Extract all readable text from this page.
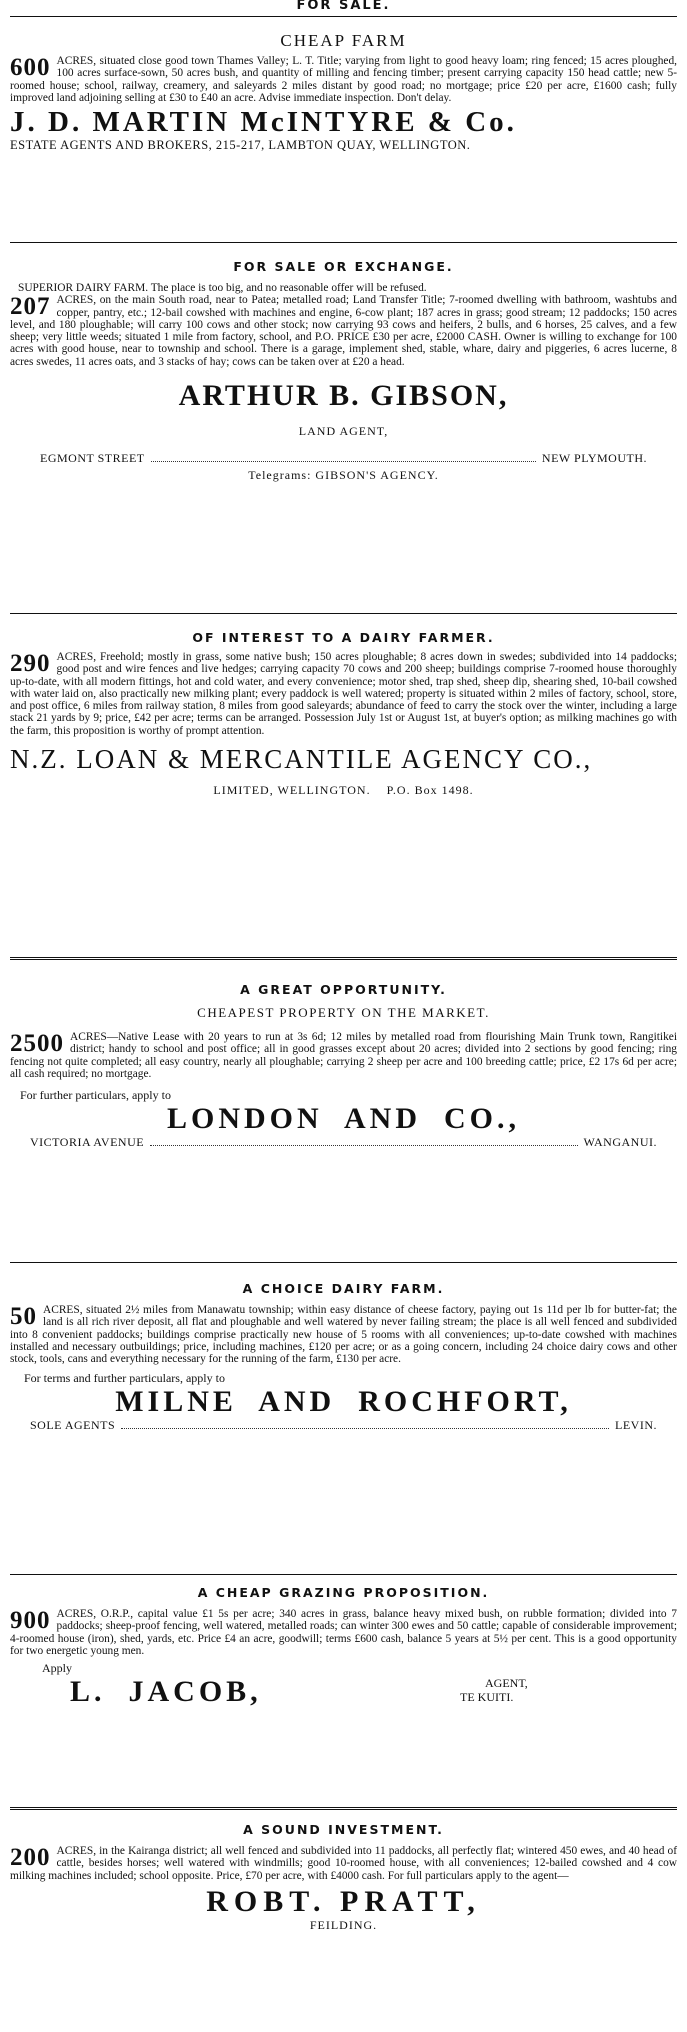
FOR SALE.

CHEAP FARM

600 ACRES, situated close good town Thames Valley; L. T. Title; varying from light to good heavy loam; ring fenced; 15 acres ploughed, 100 acres surface-sown, 50 acres bush, and quantity of milling and fencing timber; present carrying capacity 150 head cattle; new 5-roomed house; school, railway, creamery, and saleyards 2 miles distant by good road; no mortgage; price £20 per acre, £1600 cash; fully improved land adjoining selling at £30 to £40 an acre. Advise immediate inspection. Don't delay.

J. D. MARTIN McINTYRE & Co.

ESTATE AGENTS AND BROKERS, 215-217, LAMBTON QUAY, WELLINGTON.

FOR SALE OR EXCHANGE.

SUPERIOR DAIRY FARM. The place is too big, and no reasonable offer will be refused.

207 ACRES, on the main South road, near to Patea; metalled road; Land Transfer Title; 7-roomed dwelling with bathroom, washtubs and copper, pantry, etc.; 12-bail cowshed with machines and engine, 6-cow plant; 187 acres in grass; good stream; 12 paddocks; 150 acres level, and 180 ploughable; will carry 100 cows and other stock; now carrying 93 cows and heifers, 2 bulls, and 6 horses, 25 calves, and a few sheep; very little weeds; situated 1 mile from factory, school, and P.O. PRICE £30 per acre, £2000 CASH. Owner is willing to exchange for 100 acres with good house, near to township and school. There is a garage, implement shed, stable, whare, dairy and piggeries, 6 acres lucerne, 8 acres swedes, 11 acres oats, and 3 stacks of hay; cows can be taken over at £20 a head.

ARTHUR B. GIBSON,

LAND AGENT,

EGMONT STREET	NEW PLYMOUTH.

Telegrams: GIBSON'S AGENCY.

OF INTEREST TO A DAIRY FARMER.

290 ACRES, Freehold; mostly in grass, some native bush; 150 acres ploughable; 8 acres down in swedes; subdivided into 14 paddocks; good post and wire fences and live hedges; carrying capacity 70 cows and 200 sheep; buildings comprise 7-roomed house thoroughly up-to-date, with all modern fittings, hot and cold water, and every convenience; motor shed, trap shed, sheep dip, shearing shed, 10-bail cowshed with water laid on, also practically new milking plant; every paddock is well watered; property is situated within 2 miles of factory, school, store, and post office, 6 miles from railway station, 8 miles from good saleyards; abundance of feed to carry the stock over the winter, including a large stack 21 yards by 9; price, £42 per acre; terms can be arranged. Possession July 1st or August 1st, at buyer's option; as milking machines go with the farm, this proposition is worthy of prompt attention.

N.Z. LOAN & MERCANTILE AGENCY CO.,

LIMITED, WELLINGTON.    P.O. Box 1498.

A GREAT OPPORTUNITY.

CHEAPEST PROPERTY ON THE MARKET.

2500 ACRES—Native Lease with 20 years to run at 3s 6d; 12 miles by metalled road from flourishing Main Trunk town, Rangitikei district; handy to school and post office; all in good grasses except about 20 acres; divided into 2 sections by good fencing; ring fencing not quite completed; all easy country, nearly all ploughable; carrying 2 sheep per acre and 100 breeding cattle; price, £2 17s 6d per acre; all cash required; no mortgage.

For further particulars, apply to

LONDON  AND  CO.,

VICTORIA AVENUE	WANGANUI.

A CHOICE DAIRY FARM.

50 ACRES, situated 2½ miles from Manawatu township; within easy distance of cheese factory, paying out 1s 11d per lb for butter-fat; the land is all rich river deposit, all flat and ploughable and well watered by never failing stream; the place is all well fenced and subdivided into 8 convenient paddocks; buildings comprise practically new house of 5 rooms with all conveniences; up-to-date cowshed with machines installed and necessary outbuildings; price, including machines, £120 per acre; or as a going concern, including 24 choice dairy cows and other stock, tools, cans and everything necessary for the running of the farm, £130 per acre.

For terms and further particulars, apply to

MILNE  AND  ROCHFORT,

SOLE AGENTS	LEVIN.

A CHEAP GRAZING PROPOSITION.

900 ACRES, O.R.P., capital value £1 5s per acre; 340 acres in grass, balance heavy mixed bush, on rubble formation; divided into 7 paddocks; sheep-proof fencing, well watered, metalled roads; can winter 300 ewes and 50 cattle; capable of considerable improvement; 4-roomed house (iron), shed, yards, etc. Price £4 an acre, goodwill; terms £600 cash, balance 5 years at 5½ per cent. This is a good opportunity for two energetic young men.

Apply

L.  JACOB,	AGENT,
TE KUITI.

A SOUND INVESTMENT.

200 ACRES, in the Kairanga district; all well fenced and subdivided into 11 paddocks, all perfectly flat; wintered 450 ewes, and 40 head of cattle, besides horses; well watered with windmills; good 10-roomed house, with all conveniences; 12-bailed cowshed and 4 cow milking machines included; school opposite. Price, £70 per acre, with £4000 cash. For full particulars apply to the agent—

ROBT. PRATT,

FEILDING.
